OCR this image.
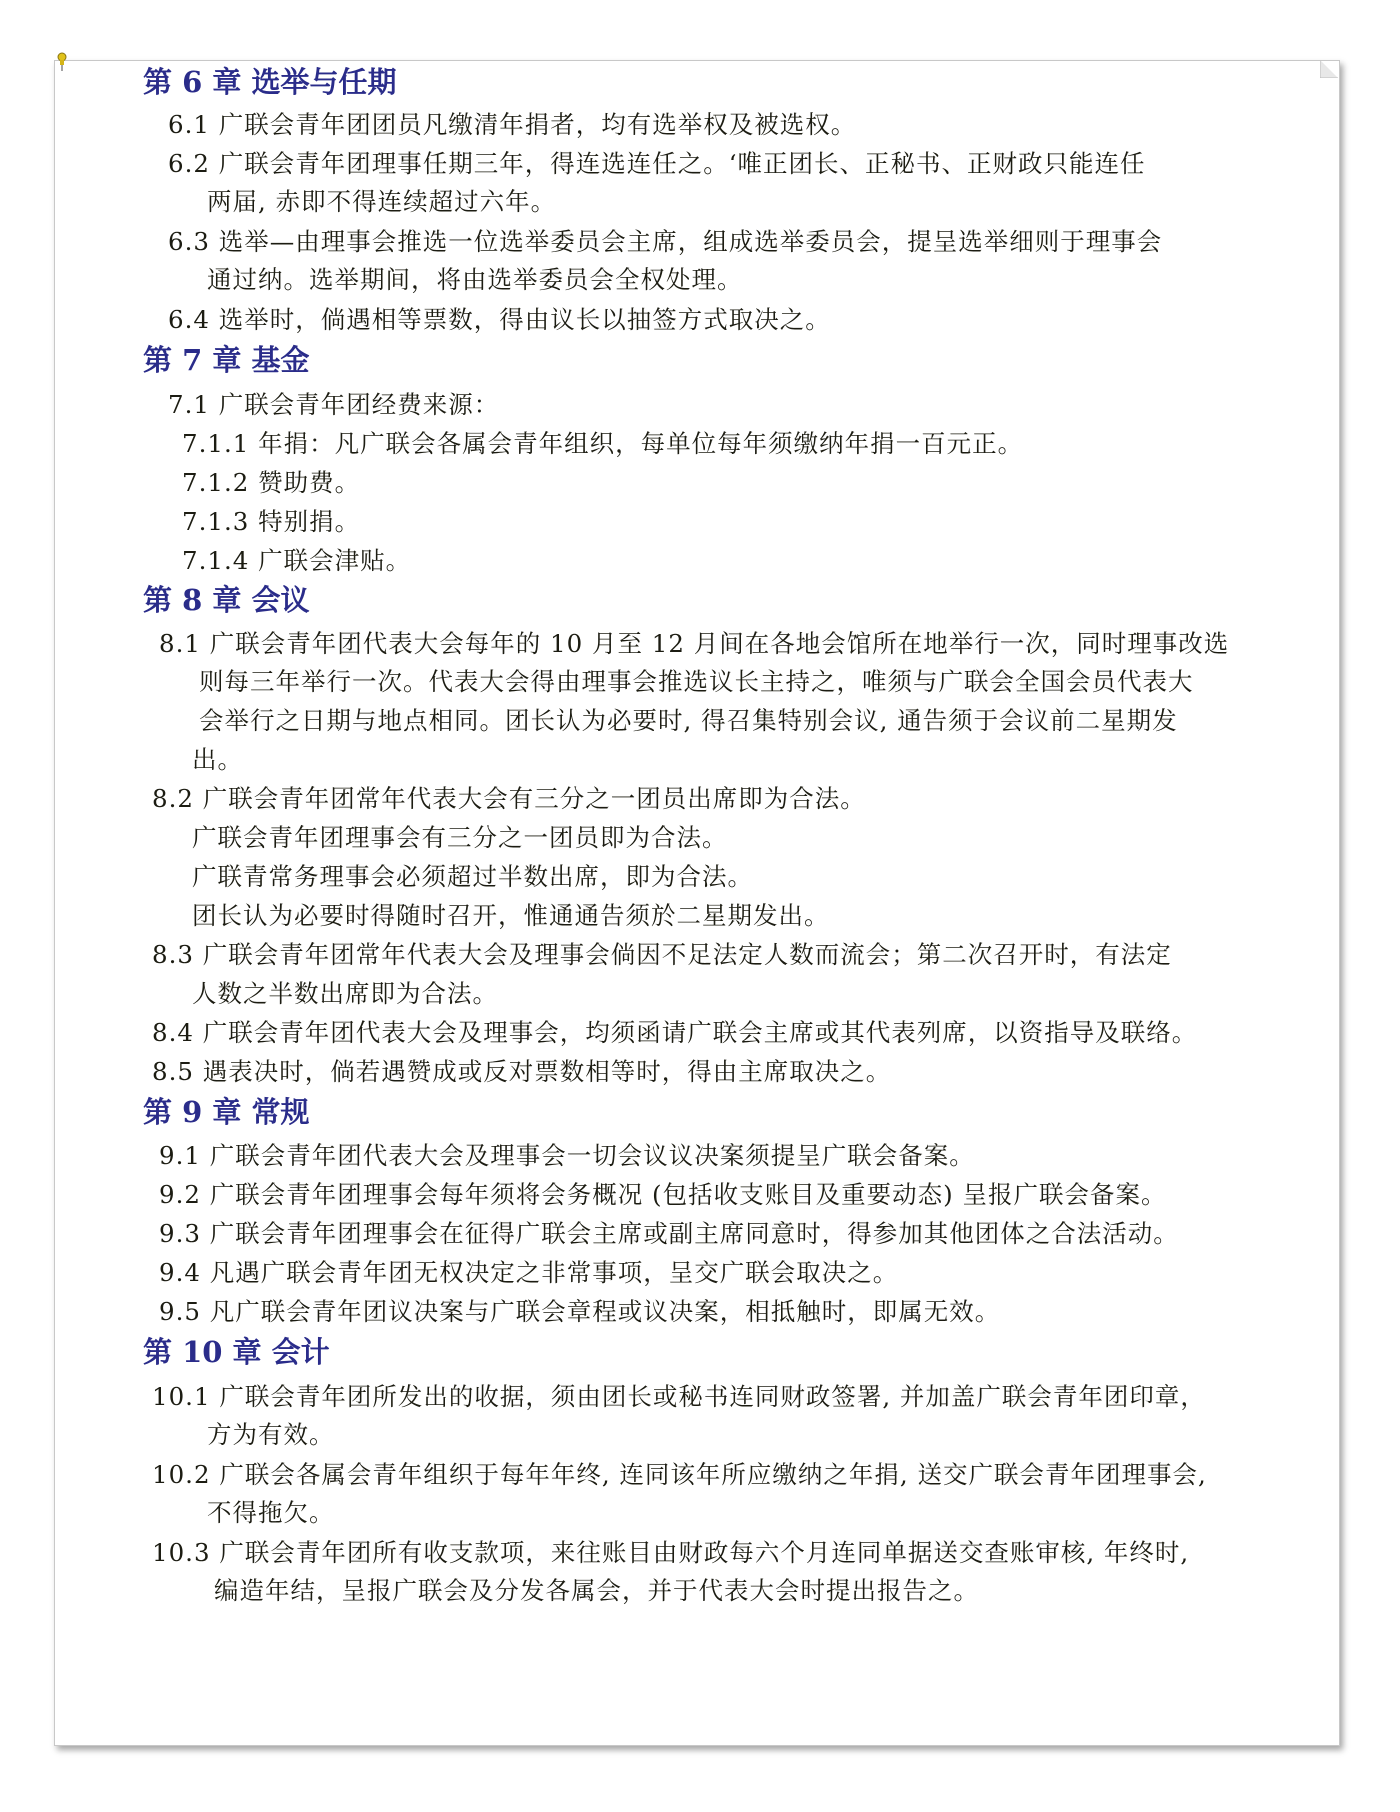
第 6 章 选举与任期
6.1 广联会青年团团员凡缴清年捐者，均有选举权及被选权。
6.2 广联会青年团理事任期三年，得连选连任之。‘唯正团长、正秘书、正财政只能连任
两届, 赤即不得连续超过六年。
6.3 选举—由理事会推选一位选举委员会主席，组成选举委员会，提呈选举细则于理事会
通过纳。选举期间，将由选举委员会全权处理。
6.4 选举时，倘遇相等票数，得由议长以抽签方式取决之。
第 7 章 基金
7.1 广联会青年团经费来源：
7.1.1 年捐：凡广联会各属会青年组织，每单位每年须缴纳年捐一百元正。
7.1.2 赞助费。
7.1.3 特别捐。
7.1.4 广联会津贴。
第 8 章 会议
8.1 广联会青年团代表大会每年的 10 月至 12 月间在各地会馆所在地举行一次，同时理事改选
则每三年举行一次。代表大会得由理事会推选议长主持之，唯须与广联会全国会员代表大
会举行之日期与地点相同。团长认为必要时, 得召集特别会议, 通告须于会议前二星期发
出。
8.2 广联会青年团常年代表大会有三分之一团员出席即为合法。
广联会青年团理事会有三分之一团员即为合法。
广联青常务理事会必须超过半数出席，即为合法。
团长认为必要时得随时召开，惟通通告须於二星期发出。
8.3 广联会青年团常年代表大会及理事会倘因不足法定人数而流会；第二次召开时，有法定
人数之半数出席即为合法。
8.4 广联会青年团代表大会及理事会，均须函请广联会主席或其代表列席，以资指导及联络。
8.5 遇表决时，倘若遇赞成或反对票数相等时，得由主席取决之。
第 9 章 常规
9.1 广联会青年团代表大会及理事会一切会议议决案须提呈广联会备案。
9.2 广联会青年团理事会每年须将会务概况 (包括收支账目及重要动态) 呈报广联会备案。
9.3 广联会青年团理事会在征得广联会主席或副主席同意时，得参加其他团体之合法活动。
9.4 凡遇广联会青年团无权决定之非常事项，呈交广联会取决之。
9.5 凡广联会青年团议决案与广联会章程或议决案，相抵触时，即属无效。
第 10 章 会计
10.1 广联会青年团所发出的收据，须由团长或秘书连同财政签署, 并加盖广联会青年团印章，
方为有效。
10.2 广联会各属会青年组织于每年年终, 连同该年所应缴纳之年捐, 送交广联会青年团理事会,
不得拖欠。
10.3 广联会青年团所有收支款项，来往账目由财政每六个月连同单据送交查账审核, 年终时,
编造年结，呈报广联会及分发各属会，并于代表大会时提出报告之。
